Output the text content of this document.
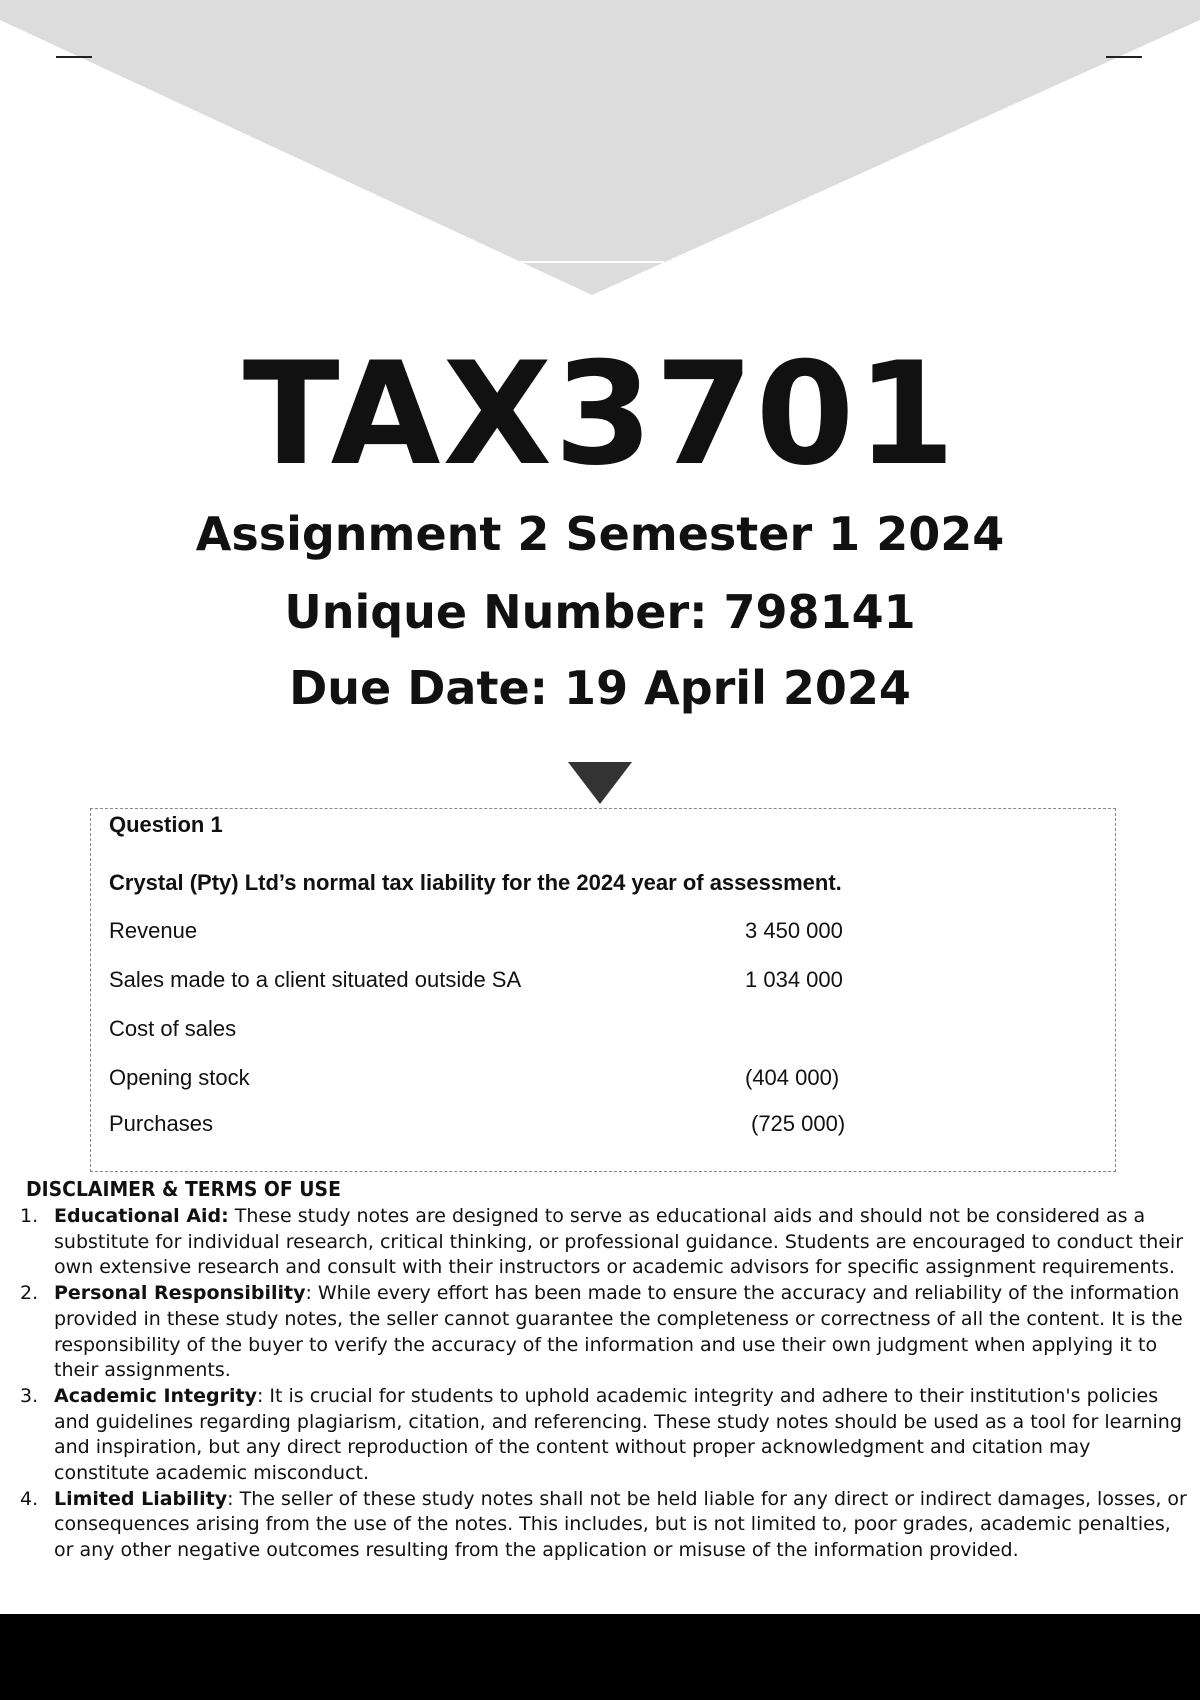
TAX3701
Assignment 2 Semester 1 2024
Unique Number: 798141
Due Date: 19 April 2024
Question 1
Crystal (Pty) Ltd’s normal tax liability for the 2024 year of assessment.
Revenue	3 450 000
Sales made to a client situated outside SA	1 034 000
Cost of sales
Opening stock	(404 000)
Purchases	(725 000)
DISCLAIMER & TERMS OF USE
1. Educational Aid: These study notes are designed to serve as educational aids and should not be considered as a substitute for individual research, critical thinking, or professional guidance. Students are encouraged to conduct their own extensive research and consult with their instructors or academic advisors for specific assignment requirements.
2. Personal Responsibility: While every effort has been made to ensure the accuracy and reliability of the information provided in these study notes, the seller cannot guarantee the completeness or correctness of all the content. It is the responsibility of the buyer to verify the accuracy of the information and use their own judgment when applying it to their assignments.
3. Academic Integrity: It is crucial for students to uphold academic integrity and adhere to their institution's policies and guidelines regarding plagiarism, citation, and referencing. These study notes should be used as a tool for learning and inspiration, but any direct reproduction of the content without proper acknowledgment and citation may constitute academic misconduct.
4. Limited Liability: The seller of these study notes shall not be held liable for any direct or indirect damages, losses, or consequences arising from the use of the notes. This includes, but is not limited to, poor grades, academic penalties, or any other negative outcomes resulting from the application or misuse of the information provided.
